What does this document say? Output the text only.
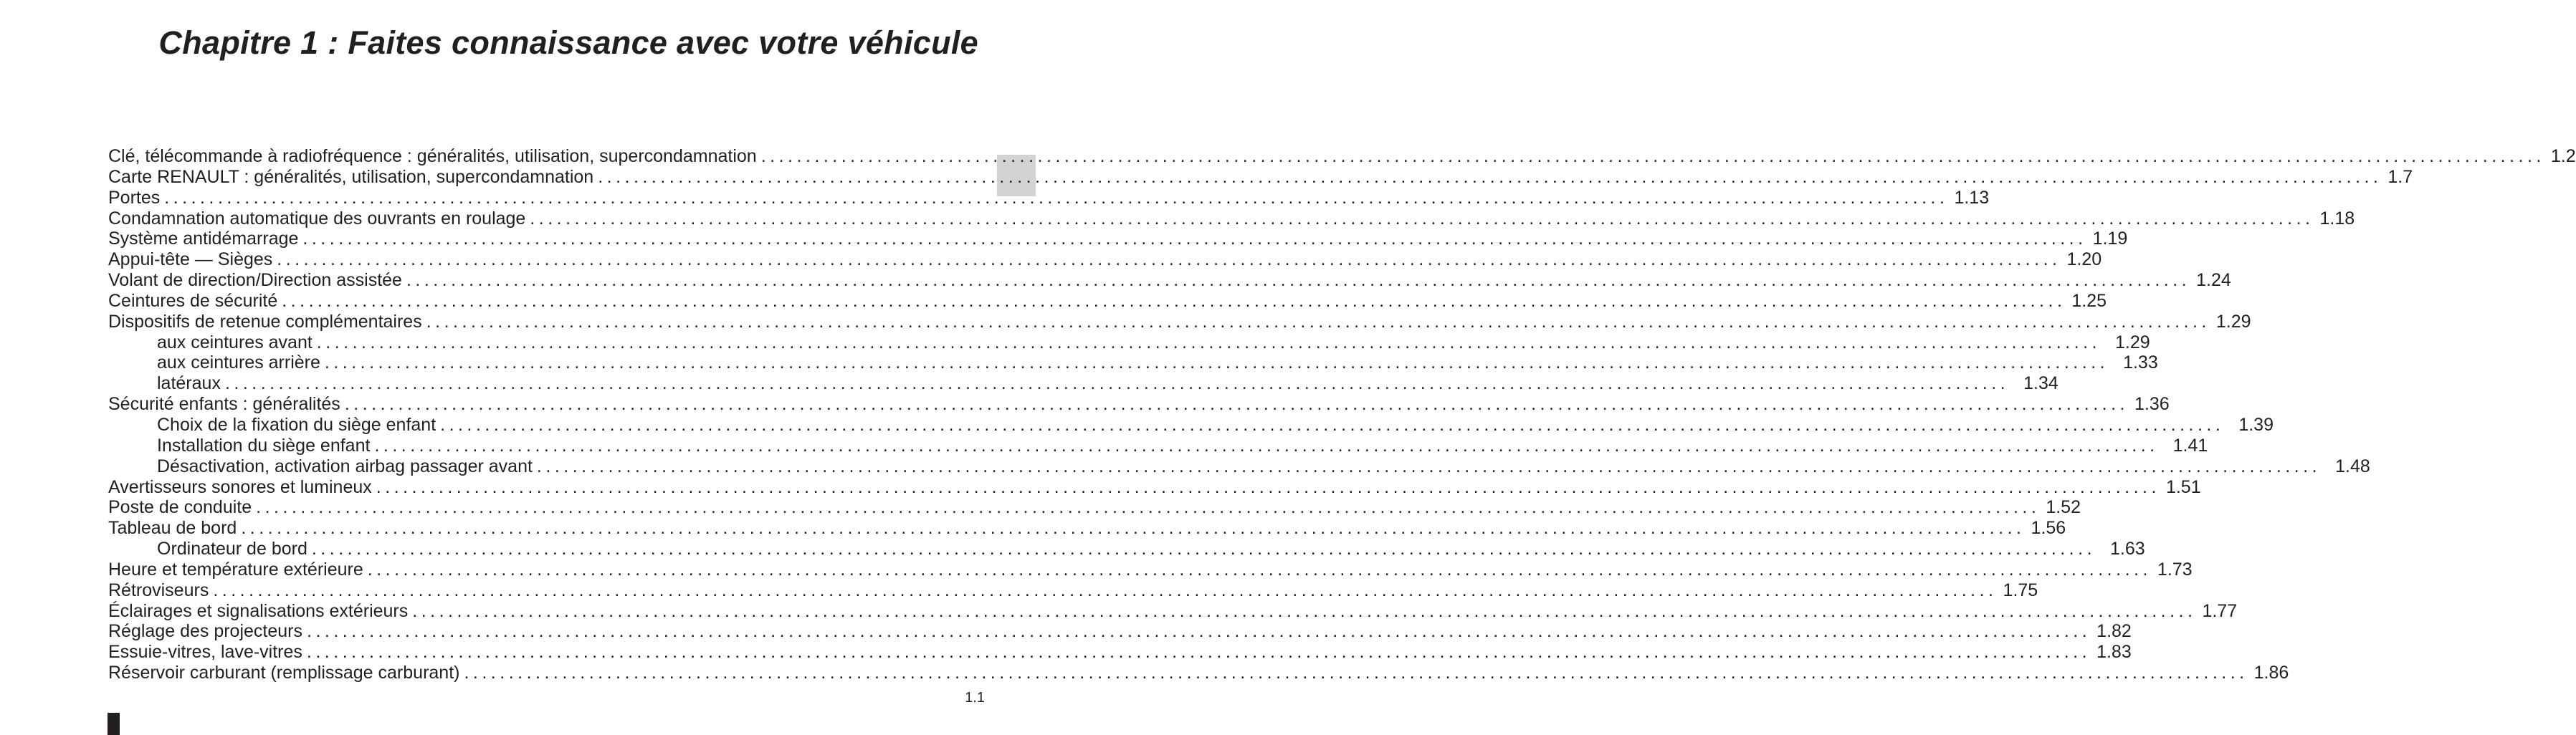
Chapitre 1 : Faites connaissance avec votre véhicule
Clé, télécommande à radiofréquence : généralités, utilisation, supercondamnation ........................................................................................................................................................................................................ 1.2
Carte RENAULT : généralités, utilisation, supercondamnation ........................................................................................................................................................................................................ 1.7
Portes ........................................................................................................................................................................................................ 1.13
Condamnation automatique des ouvrants en roulage ........................................................................................................................................................................................................ 1.18
Système antidémarrage ........................................................................................................................................................................................................ 1.19
Appui-tête — Sièges ........................................................................................................................................................................................................ 1.20
Volant de direction/Direction assistée ........................................................................................................................................................................................................ 1.24
Ceintures de sécurité ........................................................................................................................................................................................................ 1.25
Dispositifs de retenue complémentaires ........................................................................................................................................................................................................ 1.29
aux ceintures avant ........................................................................................................................................................................................................ 1.29
aux ceintures arrière ........................................................................................................................................................................................................ 1.33
latéraux ........................................................................................................................................................................................................ 1.34
Sécurité enfants : généralités ........................................................................................................................................................................................................ 1.36
Choix de la fixation du siège enfant ........................................................................................................................................................................................................ 1.39
Installation du siège enfant ........................................................................................................................................................................................................ 1.41
Désactivation, activation airbag passager avant ........................................................................................................................................................................................................ 1.48
Avertisseurs sonores et lumineux ........................................................................................................................................................................................................ 1.51
Poste de conduite ........................................................................................................................................................................................................ 1.52
Tableau de bord ........................................................................................................................................................................................................ 1.56
Ordinateur de bord ........................................................................................................................................................................................................ 1.63
Heure et température extérieure ........................................................................................................................................................................................................ 1.73
Rétroviseurs ........................................................................................................................................................................................................ 1.75
Éclairages et signalisations extérieurs ........................................................................................................................................................................................................ 1.77
Réglage des projecteurs ........................................................................................................................................................................................................ 1.82
Essuie-vitres, lave-vitres ........................................................................................................................................................................................................ 1.83
Réservoir carburant (remplissage carburant) ........................................................................................................................................................................................................ 1.86
1.1
